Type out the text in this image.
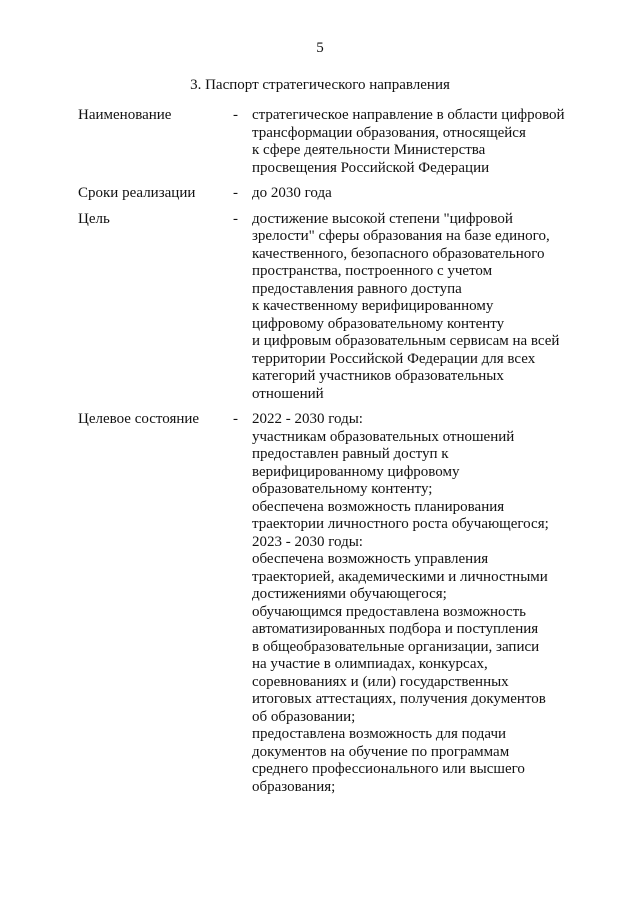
5
3. Паспорт стратегического направления
Наименование	- стратегическое направление в области цифровой
трансформации образования, относящейся
к сфере деятельности Министерства
просвещения Российской Федерации
Сроки реализации	- до 2030 года
Цель	- достижение высокой степени "цифровой
зрелости" сферы образования на базе единого,
качественного, безопасного образовательного
пространства, построенного с учетом
предоставления равного доступа
к качественному верифицированному
цифровому образовательному контенту
и цифровым образовательным сервисам на всей
территории Российской Федерации для всех
категорий участников образовательных
отношений
Целевое состояние	- 2022 - 2030 годы:
участникам образовательных отношений
предоставлен равный доступ к
верифицированному цифровому
образовательному контенту;
обеспечена возможность планирования
траектории личностного роста обучающегося;
2023 - 2030 годы:
обеспечена возможность управления
траекторией, академическими и личностными
достижениями обучающегося;
обучающимся предоставлена возможность
автоматизированных подбора и поступления
в общеобразовательные организации, записи
на участие в олимпиадах, конкурсах,
соревнованиях и (или) государственных
итоговых аттестациях, получения документов
об образовании;
предоставлена возможность для подачи
документов на обучение по программам
среднего профессионального или высшего
образования;
